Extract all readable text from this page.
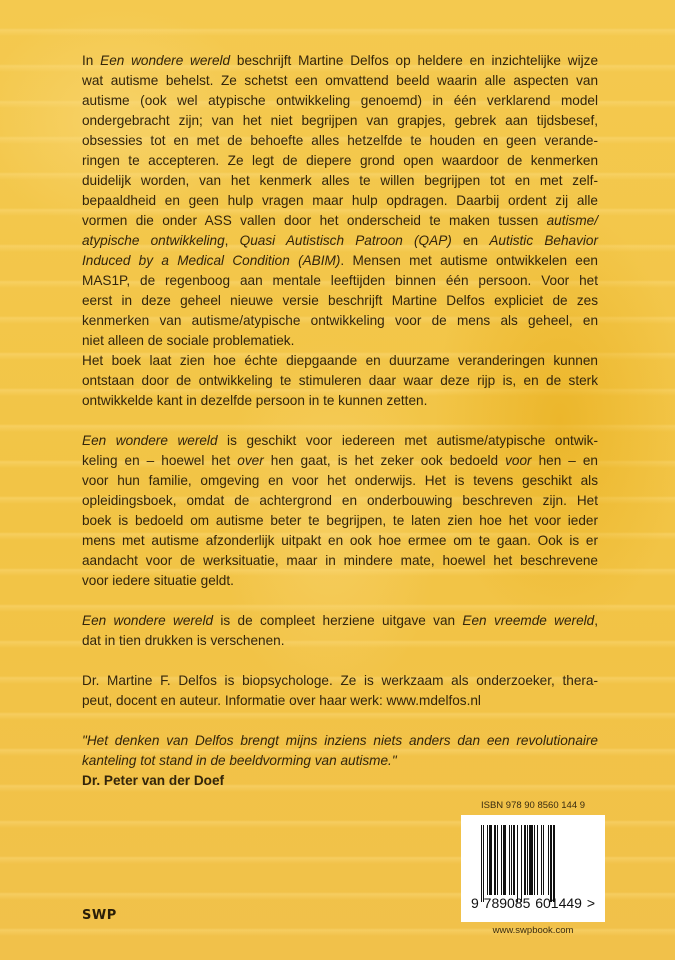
In Een wondere wereld beschrijft Martine Delfos op heldere en inzichtelijke wijze
wat autisme behelst. Ze schetst een omvattend beeld waarin alle aspecten van
autisme (ook wel atypische ontwikkeling genoemd) in één verklarend model
ondergebracht zijn; van het niet begrijpen van grapjes, gebrek aan tijdsbesef,
obsessies tot en met de behoefte alles hetzelfde te houden en geen verande-
ringen te accepteren. Ze legt de diepere grond open waardoor de kenmerken
duidelijk worden, van het kenmerk alles te willen begrijpen tot en met zelf-
bepaaldheid en geen hulp vragen maar hulp opdragen. Daarbij ordent zij alle
vormen die onder ASS vallen door het onderscheid te maken tussen autisme/
atypische ontwikkeling, Quasi Autistisch Patroon (QAP) en Autistic Behavior
Induced by a Medical Condition (ABIM). Mensen met autisme ontwikkelen een
MAS1P, de regenboog aan mentale leeftijden binnen één persoon. Voor het
eerst in deze geheel nieuwe versie beschrijft Martine Delfos expliciet de zes
kenmerken van autisme/atypische ontwikkeling voor de mens als geheel, en
niet alleen de sociale problematiek.
Het boek laat zien hoe échte diepgaande en duurzame veranderingen kunnen
ontstaan door de ontwikkeling te stimuleren daar waar deze rijp is, en de sterk
ontwikkelde kant in dezelfde persoon in te kunnen zetten.
Een wondere wereld is geschikt voor iedereen met autisme/atypische ontwik-
keling en – hoewel het over hen gaat, is het zeker ook bedoeld voor hen – en
voor hun familie, omgeving en voor het onderwijs. Het is tevens geschikt als
opleidingsboek, omdat de achtergrond en onderbouwing beschreven zijn. Het
boek is bedoeld om autisme beter te begrijpen, te laten zien hoe het voor ieder
mens met autisme afzonderlijk uitpakt en ook hoe ermee om te gaan. Ook is er
aandacht voor de werksituatie, maar in mindere mate, hoewel het beschrevene
voor iedere situatie geldt.
Een wondere wereld is de compleet herziene uitgave van Een vreemde wereld,
dat in tien drukken is verschenen.
Dr. Martine F. Delfos is biopsychologe. Ze is werkzaam als onderzoeker, thera-
peut, docent en auteur. Informatie over haar werk: www.mdelfos.nl
"Het denken van Delfos brengt mijns inziens niets anders dan een revolutionaire
kanteling tot stand in de beeldvorming van autisme."
Dr. Peter van der Doef
ISBN 978 90 8560 144 9
9 789085 601449 >
www.swpbook.com
SWP
